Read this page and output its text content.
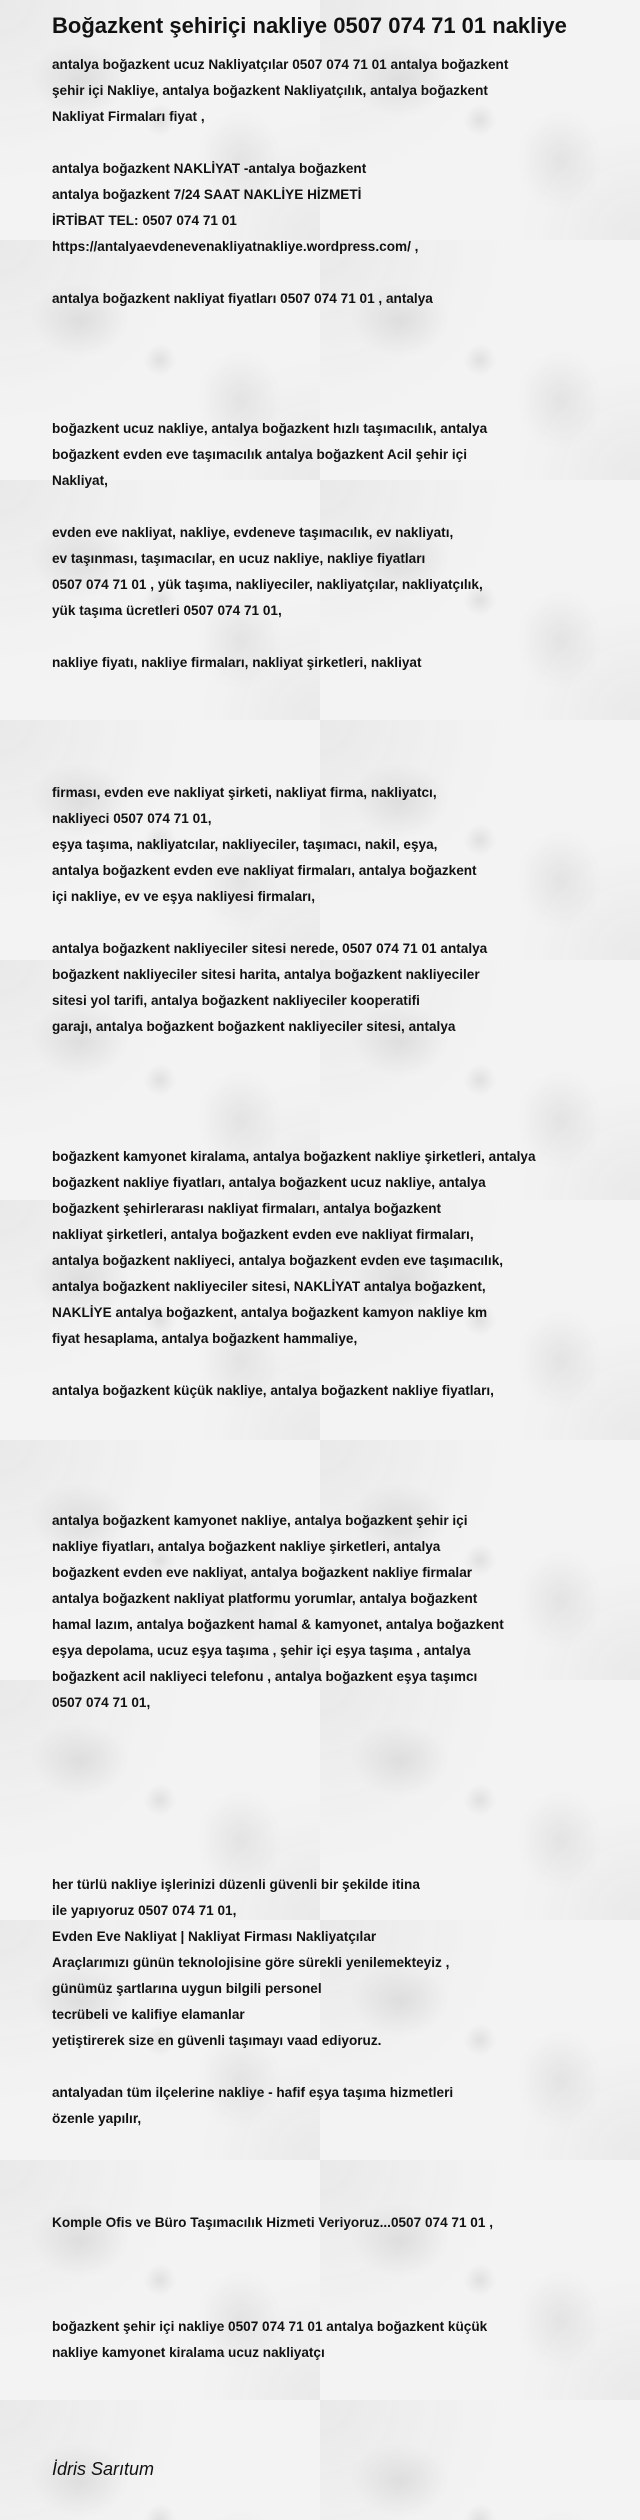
Boğazkent şehiriçi nakliye 0507 074 71 01 nakliye
antalya boğazkent ucuz Nakliyatçılar 0507 074 71 01 antalya boğazkent
şehir içi Nakliye, antalya boğazkent Nakliyatçılık, antalya boğazkent
Nakliyat Firmaları fiyat ,
antalya boğazkent NAKLİYAT -antalya boğazkent
antalya boğazkent 7/24 SAAT NAKLİYE HİZMETİ
İRTİBAT TEL: 0507 074 71 01
https://antalyaevdenevenakliyatnakliye.wordpress.com/ ,
antalya boğazkent nakliyat fiyatları 0507 074 71 01 , antalya
boğazkent ucuz nakliye, antalya boğazkent hızlı taşımacılık, antalya
boğazkent evden eve taşımacılık antalya boğazkent Acil şehir içi
Nakliyat,
evden eve nakliyat, nakliye, evdeneve taşımacılık, ev nakliyatı,
ev taşınması, taşımacılar, en ucuz nakliye, nakliye fiyatları
0507 074 71 01 , yük taşıma, nakliyeciler, nakliyatçılar, nakliyatçılık,
yük taşıma ücretleri 0507 074 71 01,
nakliye fiyatı, nakliye firmaları, nakliyat şirketleri, nakliyat
firması, evden eve nakliyat şirketi, nakliyat firma, nakliyatcı,
nakliyeci 0507 074 71 01,
eşya taşıma, nakliyatcılar, nakliyeciler, taşımacı, nakil, eşya,
antalya boğazkent evden eve nakliyat firmaları, antalya boğazkent
içi nakliye, ev ve eşya nakliyesi firmaları,
antalya boğazkent nakliyeciler sitesi nerede, 0507 074 71 01 antalya
boğazkent nakliyeciler sitesi harita, antalya boğazkent nakliyeciler
sitesi yol tarifi, antalya boğazkent nakliyeciler kooperatifi
garajı, antalya boğazkent boğazkent nakliyeciler sitesi, antalya
boğazkent kamyonet kiralama, antalya boğazkent nakliye şirketleri, antalya
boğazkent nakliye fiyatları, antalya boğazkent ucuz nakliye, antalya
boğazkent şehirlerarası nakliyat firmaları, antalya boğazkent
nakliyat şirketleri, antalya boğazkent evden eve nakliyat firmaları,
antalya boğazkent nakliyeci, antalya boğazkent evden eve taşımacılık,
antalya boğazkent nakliyeciler sitesi, NAKLİYAT antalya boğazkent,
NAKLİYE antalya boğazkent, antalya boğazkent kamyon nakliye km
fiyat hesaplama, antalya boğazkent hammaliye,
antalya boğazkent küçük nakliye, antalya boğazkent nakliye fiyatları,
antalya boğazkent kamyonet nakliye, antalya boğazkent şehir içi
nakliye fiyatları, antalya boğazkent nakliye şirketleri, antalya
boğazkent evden eve nakliyat, antalya boğazkent nakliye firmalar
antalya boğazkent nakliyat platformu yorumlar, antalya boğazkent
hamal lazım, antalya boğazkent hamal & kamyonet, antalya boğazkent
eşya depolama, ucuz eşya taşıma , şehir içi eşya taşıma , antalya
boğazkent acil nakliyeci telefonu , antalya boğazkent eşya taşımcı
0507 074 71 01,
her türlü nakliye işlerinizi düzenli güvenli bir şekilde itina
ile yapıyoruz 0507 074 71 01,
Evden Eve Nakliyat | Nakliyat Firması Nakliyatçılar
Araçlarımızı günün teknolojisine göre sürekli yenilemekteyiz ,
günümüz şartlarına uygun bilgili personel
tecrübeli ve kalifiye elamanlar
yetiştirerek size en güvenli taşımayı vaad ediyoruz.
antalyadan tüm ilçelerine nakliye - hafif eşya taşıma hizmetleri
özenle yapılır,
Komple Ofis ve Büro Taşımacılık Hizmeti Veriyoruz...0507 074 71 01 ,
boğazkent şehir içi nakliye 0507 074 71 01 antalya boğazkent küçük
nakliye kamyonet kiralama ucuz nakliyatçı
İdris Sarıtum
